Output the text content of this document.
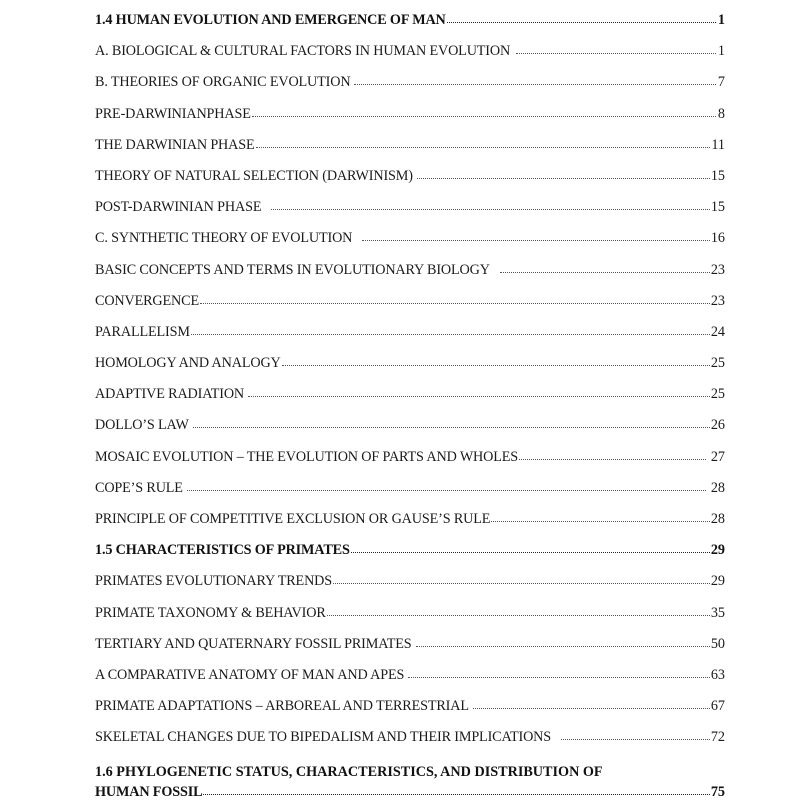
1.4 HUMAN EVOLUTION AND EMERGENCE OF MAN	1
A. BIOLOGICAL & CULTURAL FACTORS IN HUMAN EVOLUTION	1
B. THEORIES OF ORGANIC EVOLUTION	7
PRE-DARWINIANPHASE	8
THE DARWINIAN PHASE	11
THEORY OF NATURAL SELECTION (DARWINISM)	15
POST-DARWINIAN PHASE	15
C. SYNTHETIC THEORY OF EVOLUTION	16
BASIC CONCEPTS AND TERMS IN EVOLUTIONARY BIOLOGY	23
CONVERGENCE	23
PARALLELISM	24
HOMOLOGY AND ANALOGY	25
ADAPTIVE RADIATION	25
DOLLO’S LAW	26
MOSAIC EVOLUTION – THE EVOLUTION OF PARTS AND WHOLES	27
COPE’S RULE	28
PRINCIPLE OF COMPETITIVE EXCLUSION OR GAUSE’S RULE	28
1.5 CHARACTERISTICS OF PRIMATES	29
PRIMATES EVOLUTIONARY TRENDS	29
PRIMATE TAXONOMY & BEHAVIOR	35
TERTIARY AND QUATERNARY FOSSIL PRIMATES	50
A COMPARATIVE ANATOMY OF MAN AND APES	63
PRIMATE ADAPTATIONS – ARBOREAL AND TERRESTRIAL	67
SKELETAL CHANGES DUE TO BIPEDALISM AND THEIR IMPLICATIONS	72
1.6 PHYLOGENETIC STATUS, CHARACTERISTICS, AND DISTRIBUTION OF
HUMAN FOSSIL	75
